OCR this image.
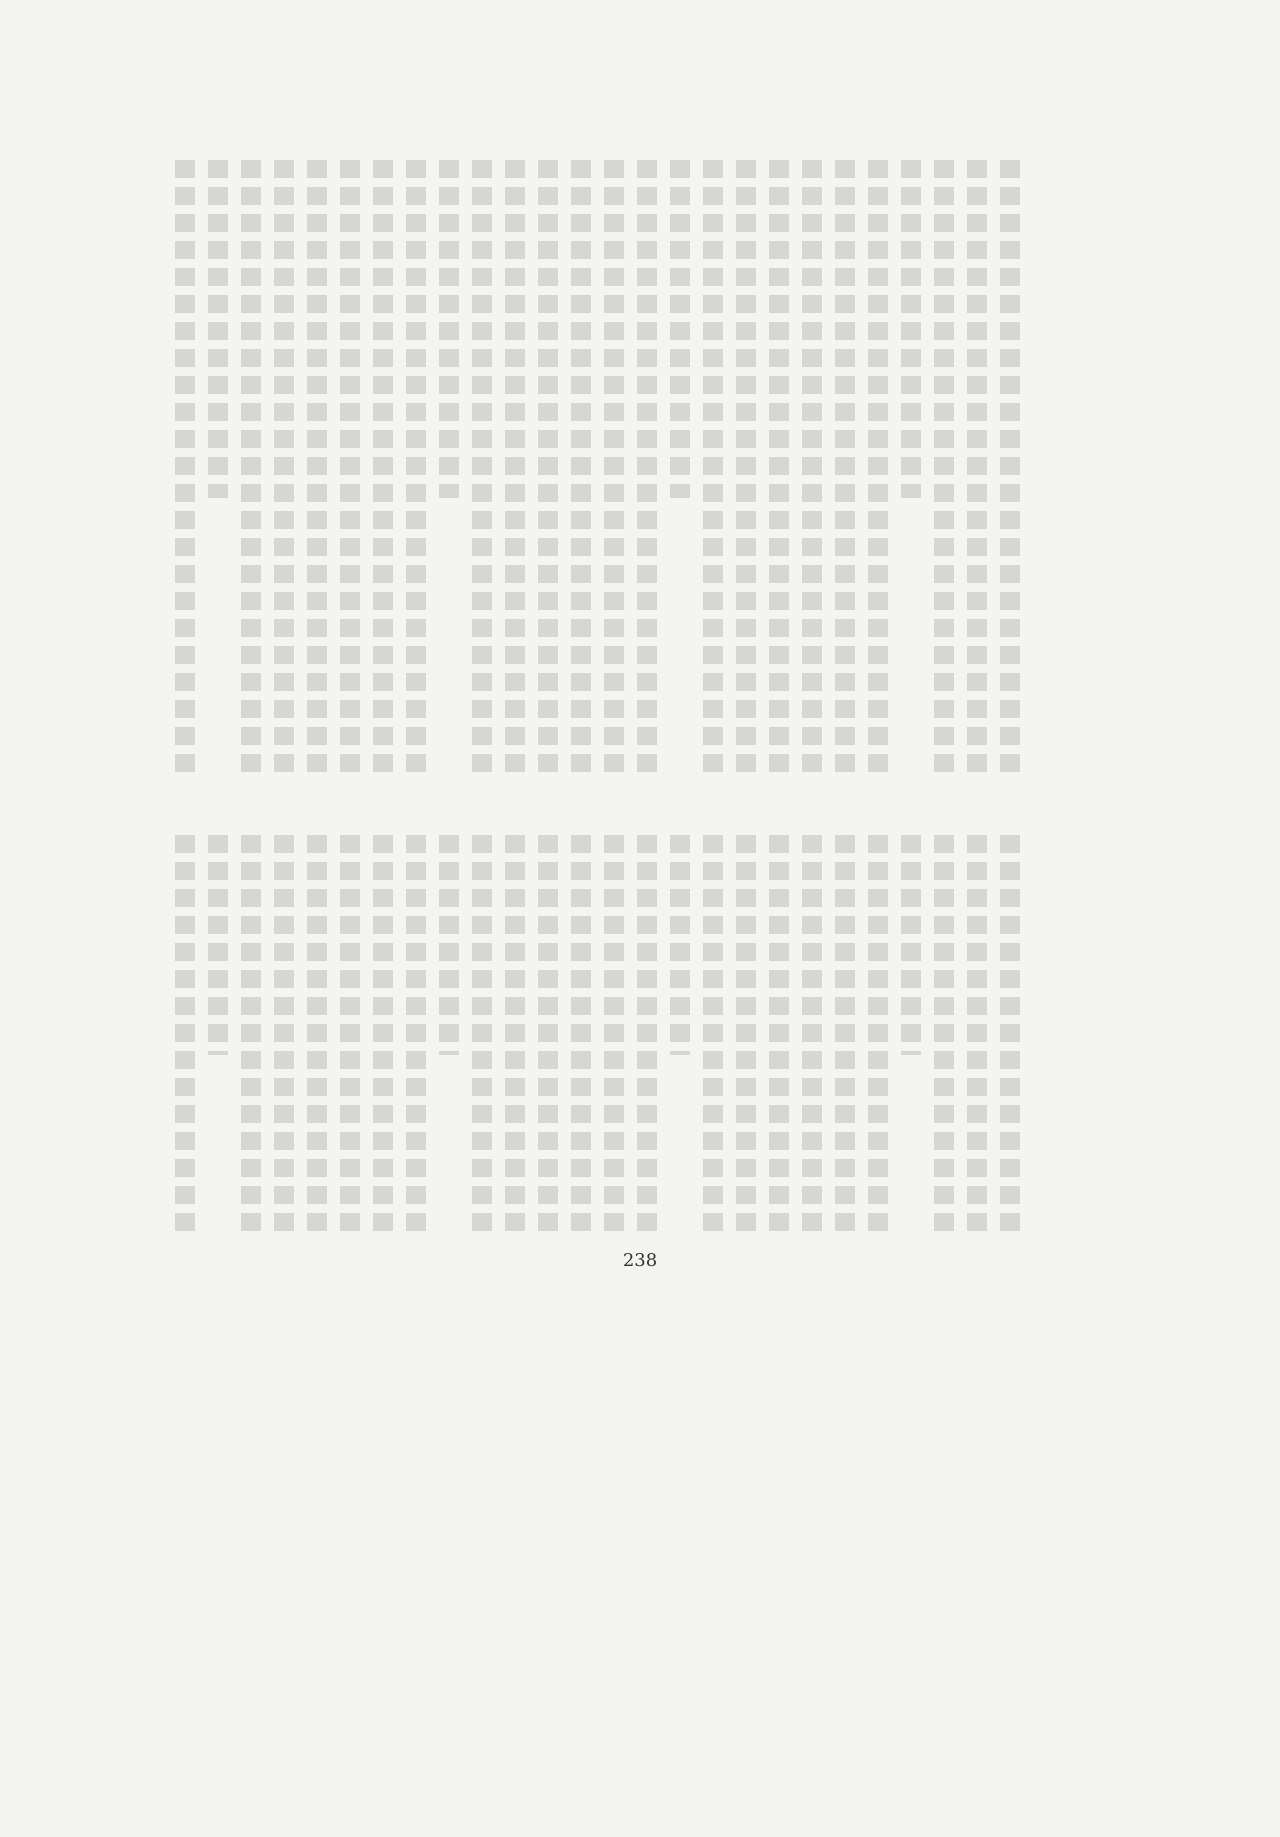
238
